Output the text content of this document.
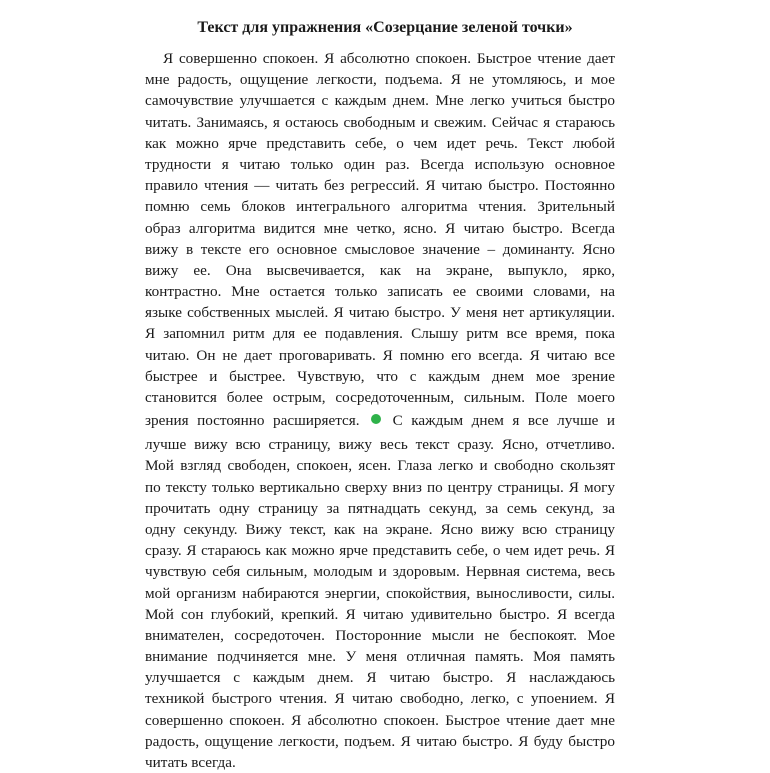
Текст для упражнения «Созерцание зеленой точки»
Я совершенно спокоен. Я абсолютно спокоен. Быстрое чтение дает
мне радость, ощущение легкости, подъема. Я не утомляюсь, и мое
самочувствие улучшается с каждым днем. Мне легко учиться быстро
читать. Занимаясь, я остаюсь свободным и свежим. Сейчас я стараюсь
как можно ярче представить себе, о чем идет речь. Текст любой
трудности я читаю только один раз. Всегда использую основное
правило чтения — читать без регрессий. Я читаю быстро. Постоянно
помню семь блоков интегрального алгоритма чтения. Зрительный
образ алгоритма видится мне четко, ясно. Я читаю быстро. Всегда
вижу в тексте его основное смысловое значение – доминанту. Ясно
вижу ее. Она высвечивается, как на экране, выпукло, ярко,
контрастно. Мне остается только записать ее своими словами, на
языке собственных мыслей. Я читаю быстро. У меня нет артикуляции.
Я запомнил ритм для ее подавления. Слышу ритм все время, пока
читаю. Он не дает проговаривать. Я помню его всегда. Я читаю все
быстрее и быстрее. Чувствую, что с каждым днем мое зрение
становится более острым, сосредоточенным, сильным. Поле моего
зрения постоянно расширяется. С каждым днем я все лучше и
лучше вижу всю страницу, вижу весь текст сразу. Ясно, отчетливо.
Мой взгляд свободен, спокоен, ясен. Глаза легко и свободно скользят
по тексту только вертикально сверху вниз по центру страницы. Я могу
прочитать одну страницу за пятнадцать секунд, за семь секунд, за
одну секунду. Вижу текст, как на экране. Ясно вижу всю страницу
сразу. Я стараюсь как можно ярче представить себе, о чем идет речь. Я
чувствую себя сильным, молодым и здоровым. Нервная система, весь
мой организм набираются энергии, спокойствия, выносливости, силы.
Мой сон глубокий, крепкий. Я читаю удивительно быстро. Я всегда
внимателен, сосредоточен. Посторонние мысли не беспокоят. Мое
внимание подчиняется мне. У меня отличная память. Моя память
улучшается с каждым днем. Я читаю быстро. Я наслаждаюсь
техникой быстрого чтения. Я читаю свободно, легко, с упоением. Я
совершенно спокоен. Я абсолютно спокоен. Быстрое чтение дает мне
радость, ощущение легкости, подъем. Я читаю быстро. Я буду быстро
читать всегда.
